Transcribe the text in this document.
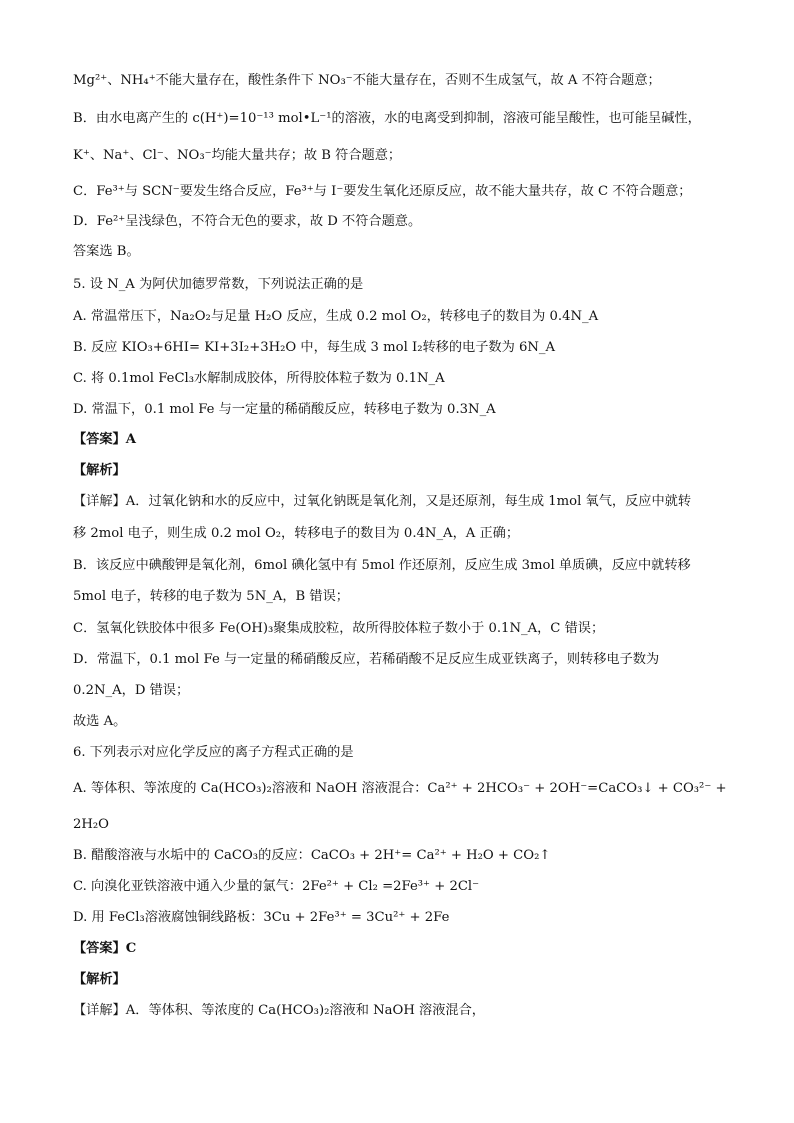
Mg²⁺、NH₄⁺不能大量存在，酸性条件下 NO₃⁻不能大量存在，否则不生成氢气，故 A 不符合题意；
B．由水电离产生的 c(H⁺)=10⁻¹³ mol•L⁻¹的溶液，水的电离受到抑制，溶液可能呈酸性，也可能呈碱性，
K⁺、Na⁺、Cl⁻、NO₃⁻均能大量共存；故 B 符合题意；
C．Fe³⁺与 SCN⁻要发生络合反应，Fe³⁺与 I⁻要发生氧化还原反应，故不能大量共存，故 C 不符合题意；
D．Fe²⁺呈浅绿色，不符合无色的要求，故 D 不符合题意。
答案选 B。
5. 设 N_A 为阿伏加德罗常数，下列说法正确的是
A. 常温常压下，Na₂O₂与足量 H₂O 反应，生成 0.2 mol O₂，转移电子的数目为 0.4N_A
B. 反应 KIO₃+6HI= KI+3I₂+3H₂O 中，每生成 3 mol I₂转移的电子数为 6N_A
C. 将 0.1mol FeCl₃水解制成胶体，所得胶体粒子数为 0.1N_A
D. 常温下，0.1 mol Fe 与一定量的稀硝酸反应，转移电子数为 0.3N_A
【答案】A
【解析】
【详解】A．过氧化钠和水的反应中，过氧化钠既是氧化剂，又是还原剂，每生成 1mol 氧气，反应中就转
移 2mol 电子，则生成 0.2 mol O₂，转移电子的数目为 0.4N_A，A 正确；
B．该反应中碘酸钾是氧化剂，6mol 碘化氢中有 5mol 作还原剂，反应生成 3mol 单质碘，反应中就转移
5mol 电子，转移的电子数为 5N_A，B 错误；
C．氢氧化铁胶体中很多 Fe(OH)₃聚集成胶粒，故所得胶体粒子数小于 0.1N_A，C 错误；
D．常温下，0.1 mol Fe 与一定量的稀硝酸反应，若稀硝酸不足反应生成亚铁离子，则转移电子数为
0.2N_A，D 错误；
故选 A。
6. 下列表示对应化学反应的离子方程式正确的是
A. 等体积、等浓度的 Ca(HCO₃)₂溶液和 NaOH 溶液混合：Ca²⁺ + 2HCO₃⁻ + 2OH⁻=CaCO₃↓ + CO₃²⁻ +
2H₂O
B. 醋酸溶液与水垢中的 CaCO₃的反应：CaCO₃ + 2H⁺= Ca²⁺ + H₂O + CO₂↑
C. 向溴化亚铁溶液中通入少量的氯气：2Fe²⁺ + Cl₂ =2Fe³⁺ + 2Cl⁻
D. 用 FeCl₃溶液腐蚀铜线路板：3Cu + 2Fe³⁺ = 3Cu²⁺ + 2Fe
【答案】C
【解析】
【详解】A．等体积、等浓度的 Ca(HCO₃)₂溶液和 NaOH 溶液混合，
